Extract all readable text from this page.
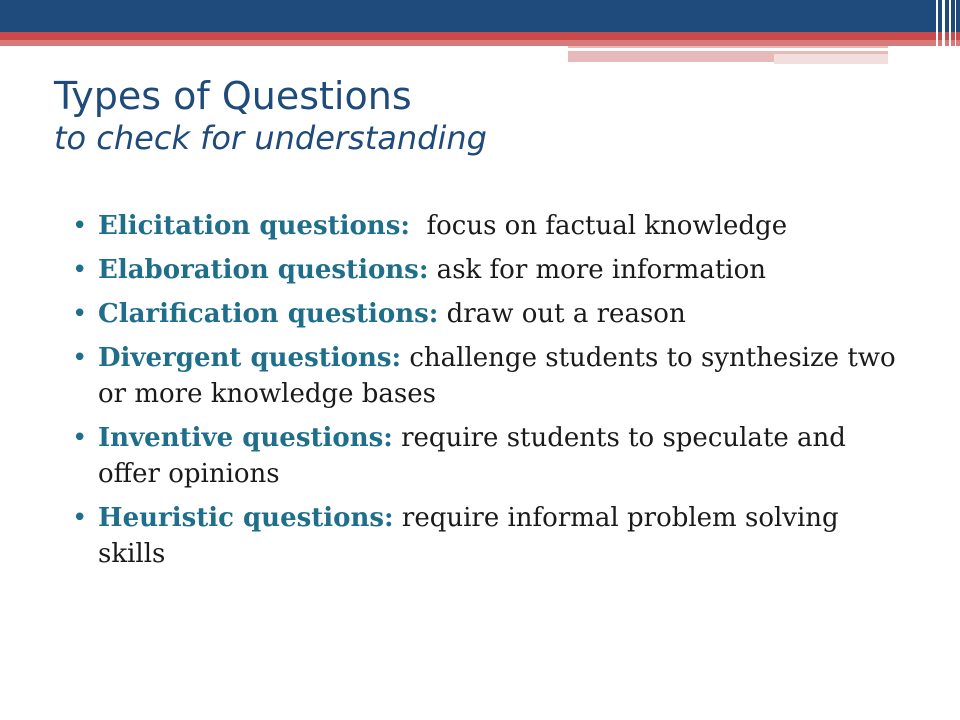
Types of Questions
to check for understanding
• Elicitation questions:  focus on factual knowledge
• Elaboration questions: ask for more information
• Clarification questions: draw out a reason
• Divergent questions: challenge students to synthesize two or more knowledge bases
• Inventive questions: require students to speculate and offer opinions
• Heuristic questions: require informal problem solving skills
